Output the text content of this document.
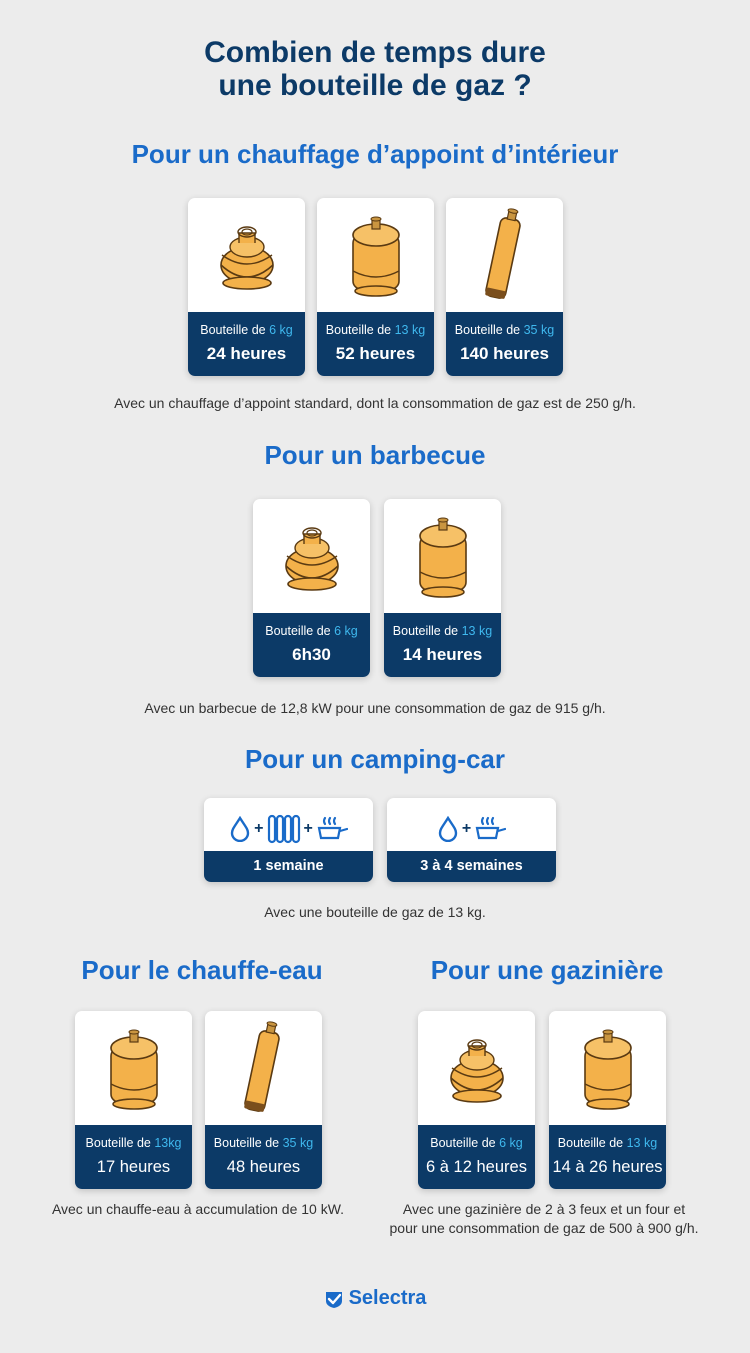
Combien de temps dure
une bouteille de gaz ?
Pour un chauffage d’appoint d’intérieur
Bouteille de 6 kg
24 heures
Bouteille de 13 kg
52 heures
Bouteille de 35 kg
140 heures
Avec un chauffage d’appoint standard, dont la consommation de gaz est de 250 g/h.
Pour un barbecue
Bouteille de 6 kg
6h30
Bouteille de 13 kg
14 heures
Avec un barbecue de 12,8 kW pour une consommation de gaz de 915 g/h.
Pour un camping-car
+	+
1 semaine
+
3 à 4 semaines
Avec une bouteille de gaz de 13 kg.
Pour le chauffe-eau
Bouteille de 13kg
17 heures
Bouteille de 35 kg
48 heures
Avec un chauffe-eau à accumulation de 10 kW.
Pour une gazinière
Bouteille de 6 kg
6 à 12 heures
Bouteille de 13 kg
14 à 26 heures
Avec une gazinière de 2 à 3 feux et un four et
pour une consommation de gaz de 500 à 900 g/h.
Selectra
